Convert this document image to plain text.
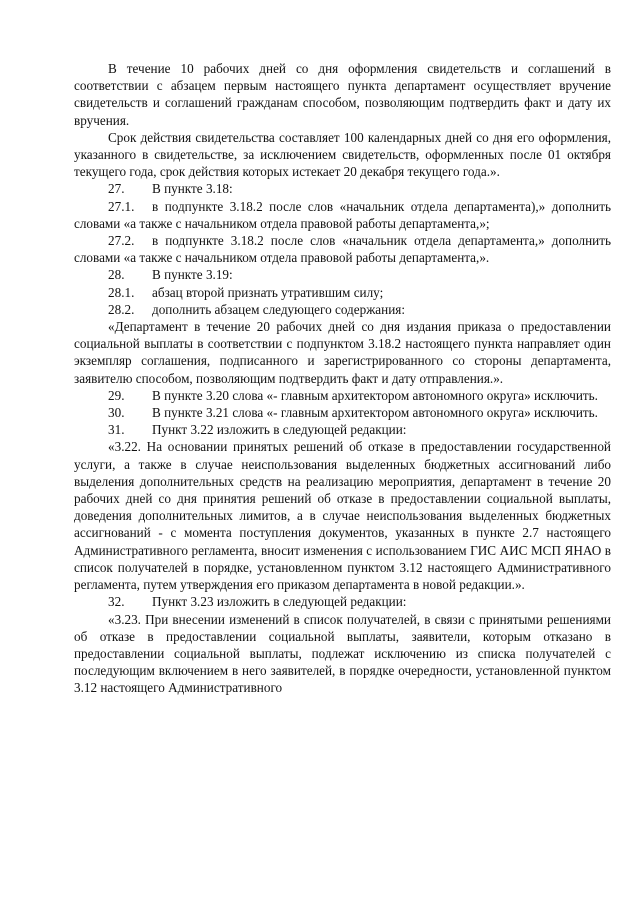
В течение 10 рабочих дней со дня оформления свидетельств и соглашений в соответствии с абзацем первым настоящего пункта департамент осуществляет вручение свидетельств и соглашений гражданам способом, позволяющим подтвердить факт и дату их вручения.

Срок действия свидетельства составляет 100 календарных дней со дня его оформления, указанного в свидетельстве, за исключением свидетельств, оформленных после 01 октября текущего года, срок действия которых истекает 20 декабря текущего года.».

27. В пункте 3.18:

27.1. в подпункте 3.18.2 после слов «начальник отдела департамента),» дополнить словами «а также с начальником отдела правовой работы департамента,»;

27.2. в подпункте 3.18.2 после слов «начальник отдела департамента,» дополнить словами «а также с начальником отдела правовой работы департамента,».

28. В пункте 3.19:

28.1. абзац второй признать утратившим силу;

28.2. дополнить абзацем следующего содержания:

«Департамент в течение 20 рабочих дней со дня издания приказа о предоставлении социальной выплаты в соответствии с подпунктом 3.18.2 настоящего пункта направляет один экземпляр соглашения, подписанного и зарегистрированного со стороны департамента, заявителю способом, позволяющим подтвердить факт и дату отправления.».

29. В пункте 3.20 слова «- главным архитектором автономного округа» исключить.

30. В пункте 3.21 слова «- главным архитектором автономного округа» исключить.

31. Пункт 3.22 изложить в следующей редакции:

«3.22. На основании принятых решений об отказе в предоставлении государственной услуги, а также в случае неиспользования выделенных бюджетных ассигнований либо выделения дополнительных средств на реализацию мероприятия, департамент в течение 20 рабочих дней со дня принятия решений об отказе в предоставлении социальной выплаты, доведения дополнительных лимитов, а в случае неиспользования выделенных бюджетных ассигнований - с момента поступления документов, указанных в пункте 2.7 настоящего Административного регламента, вносит изменения с использованием ГИС АИС МСП ЯНАО в список получателей в порядке, установленном пунктом 3.12 настоящего Административного регламента, путем утверждения его приказом департамента в новой редакции.».

32. Пункт 3.23 изложить в следующей редакции:

«3.23. При внесении изменений в список получателей, в связи с принятыми решениями об отказе в предоставлении социальной выплаты, заявители, которым отказано в предоставлении социальной выплаты, подлежат исключению из списка получателей с последующим включением в него заявителей, в порядке очередности, установленной пунктом 3.12 настоящего Административного
